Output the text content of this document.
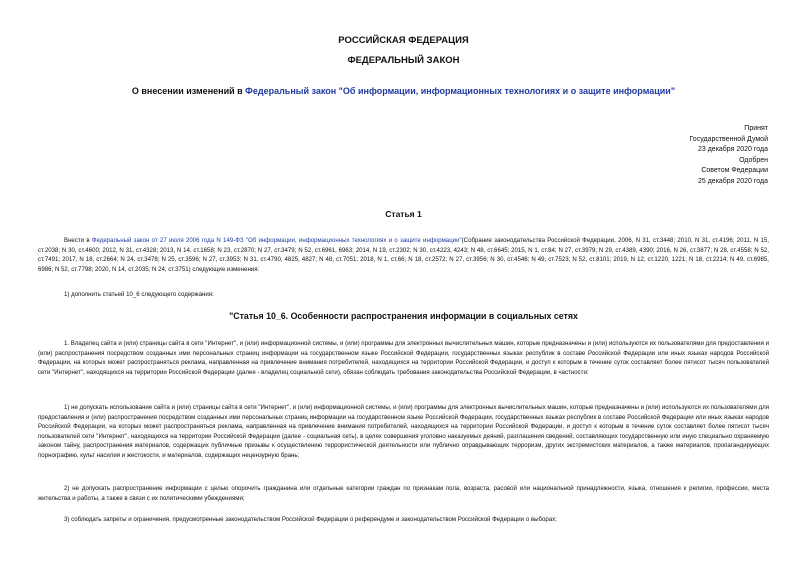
РОССИЙСКАЯ ФЕДЕРАЦИЯ
ФЕДЕРАЛЬНЫЙ ЗАКОН
О внесении изменений в Федеральный закон "Об информации, информационных технологиях и о защите информации"
Принят
Государственной Думой
23 декабря 2020 года
Одобрен
Советом Федерации
25 декабря 2020 года
Статья 1
Внести в Федеральный закон от 27 июля 2006 года N 149-ФЗ "Об информации, информационных технологиях и о защите информации"(Собрание законодательства Российской Федерации, 2006, N 31, ст.3448; 2010, N 31, ст.4196; 2011, N 15, ст.2038; N 30, ст.4600; 2012, N 31, ст.4328; 2013, N 14, ст.1658; N 23, ст.2870; N 27, ст.3479; N 52, ст.6961, 6963; 2014, N 19, ст.2302; N 30, ст.4223, 4243; N 48, ст.6645; 2015, N 1, ст.84; N 27, ст.3979; N 29, ст.4389, 4390; 2016, N 26, ст.3877; N 28, ст.4558; N 52, ст.7491; 2017, N 18, ст.2664; N 24, ст.3478; N 25, ст.3596; N 27, ст.3953; N 31, ст.4790, 4825, 4827; N 48, ст.7051; 2018, N 1, ст.66; N 18, ст.2572; N 27, ст.3956; N 30, ст.4546; N 49, ст.7523; N 52, ст.8101; 2019, N 12, ст.1220, 1221; N 18, ст.2214; N 49, ст.6985, 6986; N 52, ст.7798; 2020, N 14, ст.2035; N 24, ст.3751) следующие изменения:
1) дополнить статьей 10_6 следующего содержания:
"Статья 10_6. Особенности распространения информации в социальных сетях
1. Владелец сайта и (или) страницы сайта в сети "Интернет", и (или) информационной системы, и (или) программы для электронных вычислительных машин, которые предназначены и (или) используются их пользователями для предоставления и (или) распространения посредством созданных ими персональных страниц информации на государственном языке Российской Федерации, государственных языках республик в составе Российской Федерации или иных языках народов Российской Федерации, на которых может распространяться реклама, направленная на привлечение внимания потребителей, находящихся на территории Российской Федерации, и доступ к которым в течение суток составляет более пятисот тысяч пользователей сети "Интернет", находящихся на территории Российской Федерации (далее - владелец социальной сети), обязан соблюдать требования законодательства Российской Федерации, в частности:
1) не допускать использование сайта и (или) страницы сайта в сети "Интернет", и (или) информационной системы, и (или) программы для электронных вычислительных машин, которые предназначены и (или) используются их пользователями для предоставления и (или) распространения посредством созданных ими персональных страниц информации на государственном языке Российской Федерации, государственных языках республик в составе Российской Федерации или иных языках народов Российской Федерации, на которых может распространяться реклама, направленная на привлечение внимания потребителей, находящихся на территории Российской Федерации, и доступ к которым в течение суток составляет более пятисот тысяч пользователей сети "Интернет", находящихся на территории Российской Федерации (далее - социальная сеть), в целях совершения уголовно наказуемых деяний, разглашения сведений, составляющих государственную или иную специально охраняемую законом тайну, распространения материалов, содержащих публичные призывы к осуществлению террористической деятельности или публично оправдывающих терроризм, других экстремистских материалов, а также материалов, пропагандирующих порнографию, культ насилия и жестокости, и материалов, содержащих нецензурную брань;
2) не допускать распространение информации с целью опорочить гражданина или отдельные категории граждан по признакам пола, возраста, расовой или национальной принадлежности, языка, отношения к религии, профессии, места жительства и работы, а также в связи с их политическими убеждениями;
3) соблюдать запреты и ограничения, предусмотренные законодательством Российской Федерации о референдуме и законодательством Российской Федерации о выборах;
